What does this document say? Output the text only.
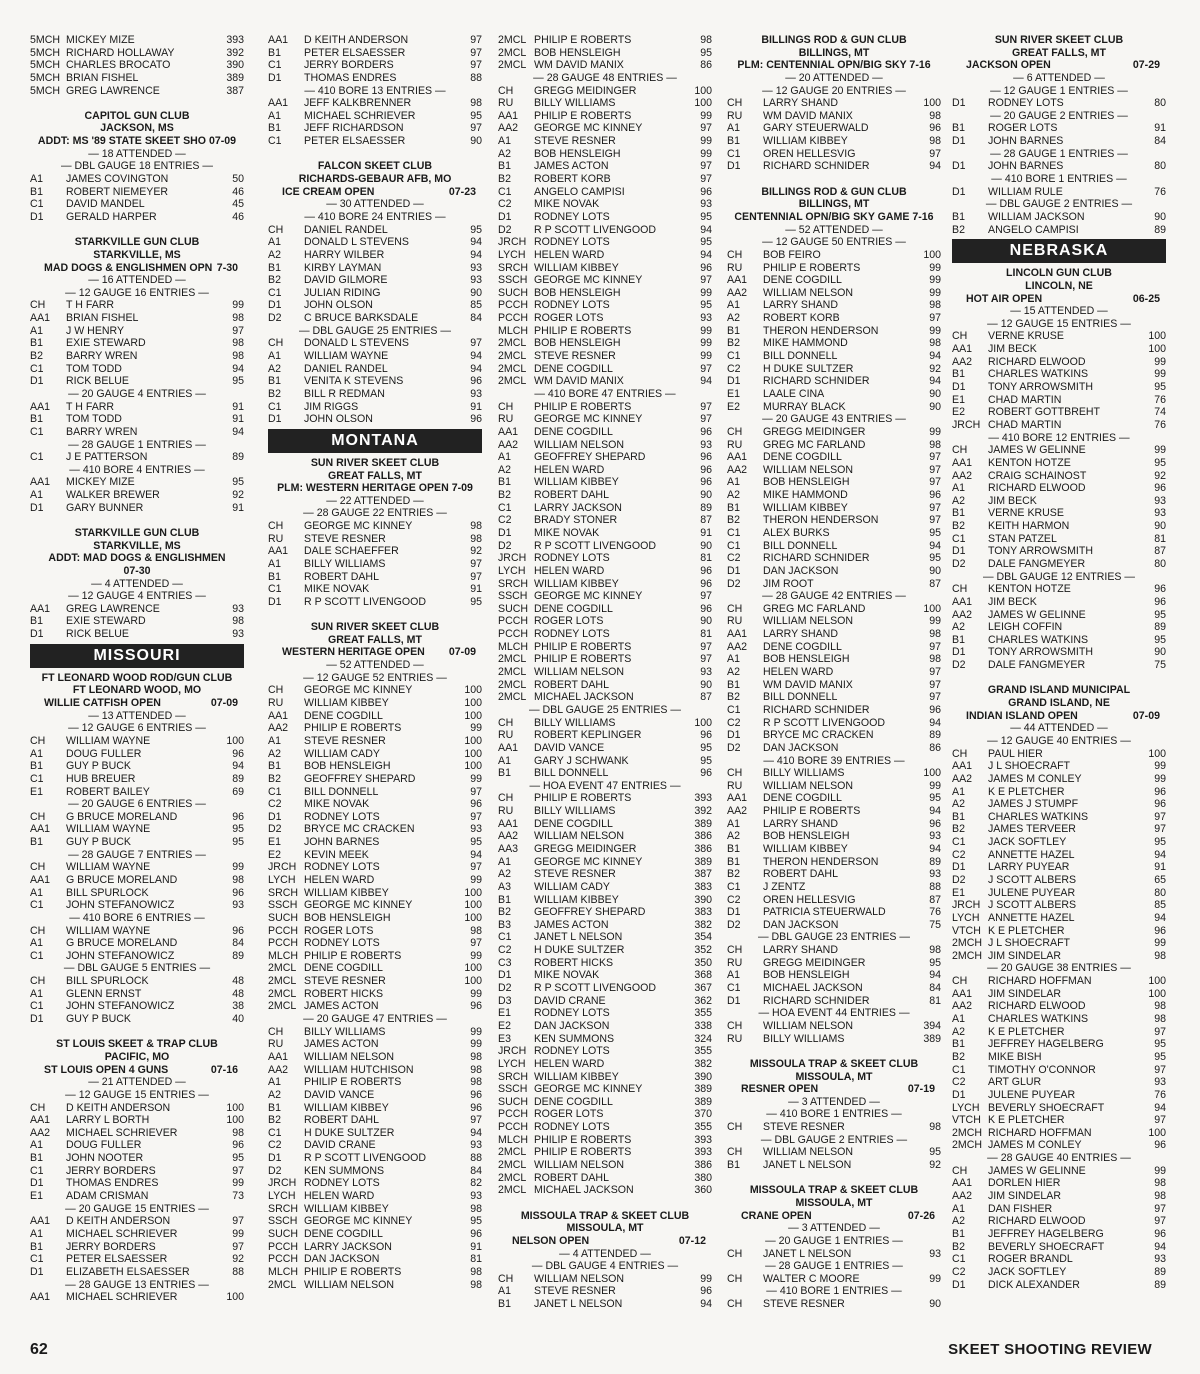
5MCH MICKEY MIZE	393
5MCH RICHARD HOLLAWAY	392
5MCH CHARLES BROCATO	390
5MCH BRIAN FISHEL	389
5MCH GREG LAWRENCE	387
CAPITOL GUN CLUB
JACKSON, MS
ADDT: MS '89 STATE SKEET SHO 07-09
— 18 ATTENDED —
— DBL GAUGE 18 ENTRIES —
A1	JAMES COVINGTON	50
B1	ROBERT NIEMEYER	46
C1	DAVID MANDEL	45
D1	GERALD HARPER	46
STARKVILLE GUN CLUB
STARKVILLE, MS
MAD DOGS & ENGLISHMEN OPN 7-30
— 16 ATTENDED —
— 12 GAUGE 16 ENTRIES —
CH	T H FARR	99
AA1	BRIAN FISHEL	98
A1	J W HENRY	97
B1	EXIE STEWARD	98
B2	BARRY WREN	98
C1	TOM TODD	94
D1	RICK BELUE	95
— 20 GAUGE 4 ENTRIES —
AA1	T H FARR	91
B1	TOM TODD	91
C1	BARRY WREN	94
— 28 GAUGE 1 ENTRIES —
C1	J E PATTERSON	89
— 410 BORE 4 ENTRIES —
AA1	MICKEY MIZE	95
A1	WALKER BREWER	92
D1	GARY BUNNER	91
STARKVILLE GUN CLUB
STARKVILLE, MS
ADDT: MAD DOGS & ENGLISHMEN
07-30
— 4 ATTENDED —
— 12 GAUGE 4 ENTRIES —
AA1	GREG LAWRENCE	93
B1	EXIE STEWARD	98
D1	RICK BELUE	93
MISSOURI
FT LEONARD WOOD ROD/GUN CLUB
FT LEONARD WOOD, MO
WILLIE CATFISH OPEN	07-09
— 13 ATTENDED —
— 12 GAUGE 6 ENTRIES —
CH	WILLIAM WAYNE	100
A1	DOUG FULLER	96
B1	GUY P BUCK	94
C1	HUB BREUER	89
E1	ROBERT BAILEY	69
— 20 GAUGE 6 ENTRIES —
CH	G BRUCE MORELAND	96
AA1	WILLIAM WAYNE	95
B1	GUY P BUCK	95
— 28 GAUGE 7 ENTRIES —
CH	WILLIAM WAYNE	99
AA1	G BRUCE MORELAND	98
A1	BILL SPURLOCK	96
C1	JOHN STEFANOWICZ	93
— 410 BORE 6 ENTRIES —
CH	WILLIAM WAYNE	96
A1	G BRUCE MORELAND	84
C1	JOHN STEFANOWICZ	89
— DBL GAUGE 5 ENTRIES —
CH	BILL SPURLOCK	48
A1	GLENN ERNST	48
C1	JOHN STEFANOWICZ	38
D1	GUY P BUCK	40
ST LOUIS SKEET & TRAP CLUB
PACIFIC, MO
ST LOUIS OPEN 4 GUNS	07-16
— 21 ATTENDED —
— 12 GAUGE 15 ENTRIES —
CH	D KEITH ANDERSON	100
AA1	LARRY L BORTH	100
AA2	MICHAEL SCHRIEVER	98
A1	DOUG FULLER	96
B1	JOHN NOOTER	95
C1	JERRY BORDERS	97
D1	THOMAS ENDRES	99
E1	ADAM CRISMAN	73
— 20 GAUGE 15 ENTRIES —
AA1	D KEITH ANDERSON	97
A1	MICHAEL SCHRIEVER	99
B1	JERRY BORDERS	97
C1	PETER ELSAESSER	92
D1	ELIZABETH ELSAESSER	88
— 28 GAUGE 13 ENTRIES —
AA1	MICHAEL SCHRIEVER	100
AA1	D KEITH ANDERSON	97
B1	PETER ELSAESSER	97
C1	JERRY BORDERS	97
D1	THOMAS ENDRES	88
— 410 BORE 13 ENTRIES —
AA1	JEFF KALKBRENNER	98
A1	MICHAEL SCHRIEVER	95
B1	JEFF RICHARDSON	97
C1	PETER ELSAESSER	90
FALCON SKEET CLUB
RICHARDS-GEBAUR AFB, MO
ICE CREAM OPEN	07-23
— 30 ATTENDED —
— 410 BORE 24 ENTRIES —
CH	DANIEL RANDEL	95
A1	DONALD L STEVENS	94
A2	HARRY WILBER	94
B1	KIRBY LAYMAN	93
B2	DAVID GILMORE	93
C1	JULIAN RIDING	90
D1	JOHN OLSON	85
D2	C BRUCE BARKSDALE	84
— DBL GAUGE 25 ENTRIES —
CH	DONALD L STEVENS	97
A1	WILLIAM WAYNE	94
A2	DANIEL RANDEL	94
B1	VENITA K STEVENS	96
B2	BILL R REDMAN	93
C1	JIM RIGGS	91
D1	JOHN OLSON	96
MONTANA
SUN RIVER SKEET CLUB
GREAT FALLS, MT
PLM: WESTERN HERITAGE OPEN 7-09
— 22 ATTENDED —
— 28 GAUGE 22 ENTRIES —
CH	GEORGE MC KINNEY	98
RU	STEVE RESNER	98
AA1	DALE SCHAEFFER	92
A1	BILLY WILLIAMS	97
B1	ROBERT DAHL	97
C1	MIKE NOVAK	91
D1	R P SCOTT LIVENGOOD	95
SUN RIVER SKEET CLUB
GREAT FALLS, MT
WESTERN HERITAGE OPEN 07-09
— 52 ATTENDED —
— 12 GAUGE 52 ENTRIES —
CH	GEORGE MC KINNEY	100
RU	WILLIAM KIBBEY	100
AA1	DENE COGDILL	100
AA2	PHILIP E ROBERTS	99
A1	STEVE RESNER	100
A2	WILLIAM CADY	100
B1	BOB HENSLEIGH	100
B2	GEOFFREY SHEPARD	99
C1	BILL DONNELL	97
C2	MIKE NOVAK	96
D1	RODNEY LOTS	97
D2	BRYCE MC CRACKEN	93
E1	JOHN BARNES	95
E2	KEVIN MEEK	94
JRCH RODNEY LOTS	97
LYCH HELEN WARD	99
SRCH WILLIAM KIBBEY	100
SSCH GEORGE MC KINNEY	100
SUCH BOB HENSLEIGH	100
PCCH ROGER LOTS	98
PCCH RODNEY LOTS	97
MLCH PHILIP E ROBERTS	99
2MCL DENE COGDILL	100
2MCL STEVE RESNER	100
2MCL ROBERT HICKS	99
2MCL JAMES ACTON	96
— 20 GAUGE 47 ENTRIES —
CH	BILLY WILLIAMS	99
RU	JAMES ACTON	99
AA1	WILLIAM NELSON	98
AA2	WILLIAM HUTCHISON	98
A1	PHILIP E ROBERTS	98
A2	DAVID VANCE	96
B1	WILLIAM KIBBEY	96
B2	ROBERT DAHL	97
C1	H DUKE SULTZER	94
C2	DAVID CRANE	93
D1	R P SCOTT LIVENGOOD	88
D2	KEN SUMMONS	84
JRCH RODNEY LOTS	82
LYCH HELEN WARD	93
SRCH WILLIAM KIBBEY	98
SSCH GEORGE MC KINNEY	95
SUCH DENE COGDILL	96
PCCH LARRY JACKSON	91
PCCH DAN JACKSON	81
MLCH PHILIP E ROBERTS	98
2MCL WILLIAM NELSON	98
2MCL PHILIP E ROBERTS	98
2MCL BOB HENSLEIGH	95
2MCL WM DAVID MANIX	86
— 28 GAUGE 48 ENTRIES —
CH	GREGG MEIDINGER	100
RU	BILLY WILLIAMS	100
AA1	PHILIP E ROBERTS	99
AA2	GEORGE MC KINNEY	97
A1	STEVE RESNER	99
A2	BOB HENSLEIGH	99
B1	JAMES ACTON	97
B2	ROBERT KORB	97
C1	ANGELO CAMPISI	96
C2	MIKE NOVAK	93
D1	RODNEY LOTS	95
D2	R P SCOTT LIVENGOOD	94
JRCH RODNEY LOTS	95
LYCH HELEN WARD	94
SRCH WILLIAM KIBBEY	96
SSCH GEORGE MC KINNEY	97
SUCH BOB HENSLEIGH	99
PCCH RODNEY LOTS	95
PCCH ROGER LOTS	93
MLCH PHILIP E ROBERTS	99
2MCL BOB HENSLEIGH	99
2MCL STEVE RESNER	99
2MCL DENE COGDILL	97
2MCL WM DAVID MANIX	94
— 410 BORE 47 ENTRIES —
CH	PHILIP E ROBERTS	97
RU	GEORGE MC KINNEY	97
AA1	DENE COGDILL	96
AA2	WILLIAM NELSON	93
A1	GEOFFREY SHEPARD	96
A2	HELEN WARD	96
B1	WILLIAM KIBBEY	96
B2	ROBERT DAHL	90
C1	LARRY JACKSON	89
C2	BRADY STONER	87
D1	MIKE NOVAK	91
D2	R P SCOTT LIVENGOOD	90
JRCH RODNEY LOTS	81
LYCH HELEN WARD	96
SRCH WILLIAM KIBBEY	96
SSCH GEORGE MC KINNEY	97
SUCH DENE COGDILL	96
PCCH ROGER LOTS	90
PCCH RODNEY LOTS	81
MLCH PHILIP E ROBERTS	97
2MCL PHILIP E ROBERTS	97
2MCL WILLIAM NELSON	93
2MCL ROBERT DAHL	90
2MCL MICHAEL JACKSON	87
— DBL GAUGE 25 ENTRIES —
CH	BILLY WILLIAMS	100
RU	ROBERT KEPLINGER	96
AA1	DAVID VANCE	95
A1	GARY J SCHWANK	95
B1	BILL DONNELL	96
— HOA EVENT 47 ENTRIES —
CH	PHILIP E ROBERTS	393
RU	BILLY WILLIAMS	392
AA1	DENE COGDILL	389
AA2	WILLIAM NELSON	386
AA3	GREGG MEIDINGER	386
A1	GEORGE MC KINNEY	389
A2	STEVE RESNER	387
A3	WILLIAM CADY	383
B1	WILLIAM KIBBEY	390
B2	GEOFFREY SHEPARD	383
B3	JAMES ACTON	382
C1	JANET L NELSON	354
C2	H DUKE SULTZER	352
C3	ROBERT HICKS	350
D1	MIKE NOVAK	368
D2	R P SCOTT LIVENGOOD	367
D3	DAVID CRANE	362
E1	RODNEY LOTS	355
E2	DAN JACKSON	338
E3	KEN SUMMONS	324
JRCH RODNEY LOTS	355
LYCH HELEN WARD	382
SRCH WILLIAM KIBBEY	390
SSCH GEORGE MC KINNEY	389
SUCH DENE COGDILL	389
PCCH ROGER LOTS	370
PCCH RODNEY LOTS	355
MLCH PHILIP E ROBERTS	393
2MCL PHILIP E ROBERTS	393
2MCL WILLIAM NELSON	386
2MCL ROBERT DAHL	380
2MCL MICHAEL JACKSON	360
MISSOULA TRAP & SKEET CLUB
MISSOULA, MT
NELSON OPEN	07-12
— 4 ATTENDED —
— DBL GAUGE 4 ENTRIES —
CH	WILLIAM NELSON	99
A1	STEVE RESNER	96
B1	JANET L NELSON	94
BILLINGS ROD & GUN CLUB
BILLINGS, MT
PLM: CENTENNIAL OPN/BIG SKY 7-16
— 20 ATTENDED —
— 12 GAUGE 20 ENTRIES —
CH	LARRY SHAND	100
RU	WM DAVID MANIX	98
A1	GARY STEUERWALD	96
B1	WILLIAM KIBBEY	98
C1	OREN HELLESVIG	97
D1	RICHARD SCHNIDER	94
BILLINGS ROD & GUN CLUB
BILLINGS, MT
CENTENNIAL OPN/BIG SKY GAME 7-16
— 52 ATTENDED —
— 12 GAUGE 50 ENTRIES —
CH	BOB FEIRO	100
RU	PHILIP E ROBERTS	99
AA1	DENE COGDILL	99
AA2	WILLIAM NELSON	99
A1	LARRY SHAND	98
A2	ROBERT KORB	97
B1	THERON HENDERSON	99
B2	MIKE HAMMOND	98
C1	BILL DONNELL	94
C2	H DUKE SULTZER	92
D1	RICHARD SCHNIDER	94
E1	LAALE CINA	90
E2	MURRAY BLACK	90
— 20 GAUGE 43 ENTRIES —
CH	GREGG MEIDINGER	99
RU	GREG MC FARLAND	98
AA1	DENE COGDILL	97
AA2	WILLIAM NELSON	97
A1	BOB HENSLEIGH	97
A2	MIKE HAMMOND	96
B1	WILLIAM KIBBEY	97
B2	THERON HENDERSON	97
C1	ALEX BURKS	95
C1	BILL DONNELL	94
C2	RICHARD SCHNIDER	95
D1	DAN JACKSON	90
D2	JIM ROOT	87
— 28 GAUGE 42 ENTRIES —
CH	GREG MC FARLAND	100
RU	WILLIAM NELSON	99
AA1	LARRY SHAND	98
AA2	DENE COGDILL	97
A1	BOB HENSLEIGH	98
A2	HELEN WARD	97
B1	WM DAVID MANIX	97
B2	BILL DONNELL	97
C1	RICHARD SCHNIDER	96
C2	R P SCOTT LIVENGOOD	94
D1	BRYCE MC CRACKEN	89
D2	DAN JACKSON	86
— 410 BORE 39 ENTRIES —
CH	BILLY WILLIAMS	100
RU	WILLIAM NELSON	99
AA1	DENE COGDILL	95
AA2	PHILIP E ROBERTS	94
A1	LARRY SHAND	96
A2	BOB HENSLEIGH	93
B1	WILLIAM KIBBEY	94
B1	THERON HENDERSON	89
B2	ROBERT DAHL	93
C1	J ZENTZ	88
C2	OREN HELLESVIG	87
D1	PATRICIA STEUERWALD	76
D2	DAN JACKSON	75
— DBL GAUGE 23 ENTRIES —
CH	LARRY SHAND	98
RU	GREGG MEIDINGER	95
A1	BOB HENSLEIGH	94
C1	MICHAEL JACKSON	84
D1	RICHARD SCHNIDER	81
— HOA EVENT 44 ENTRIES —
CH	WILLIAM NELSON	394
RU	BILLY WILLIAMS	389
MISSOULA TRAP & SKEET CLUB
MISSOULA, MT
RESNER OPEN	07-19
— 3 ATTENDED —
— 410 BORE 1 ENTRIES —
CH	STEVE RESNER	98
— DBL GAUGE 2 ENTRIES —
CH	WILLIAM NELSON	95
B1	JANET L NELSON	92
MISSOULA TRAP & SKEET CLUB
MISSOULA, MT
CRANE OPEN	07-26
— 3 ATTENDED —
— 20 GAUGE 1 ENTRIES —
CH	JANET L NELSON	93
— 28 GAUGE 1 ENTRIES —
CH	WALTER C MOORE	99
— 410 BORE 1 ENTRIES —
CH	STEVE RESNER	90
SUN RIVER SKEET CLUB
GREAT FALLS, MT
JACKSON OPEN	07-29
— 6 ATTENDED —
— 12 GAUGE 1 ENTRIES —
D1	RODNEY LOTS	80
— 20 GAUGE 2 ENTRIES —
B1	ROGER LOTS	91
D1	JOHN BARNES	84
— 28 GAUGE 1 ENTRIES —
D1	JOHN BARNES	80
— 410 BORE 1 ENTRIES —
D1	WILLIAM RULE	76
— DBL GAUGE 2 ENTRIES —
B1	WILLIAM JACKSON	90
B2	ANGELO CAMPISI	89
NEBRASKA
LINCOLN GUN CLUB
LINCOLN, NE
HOT AIR OPEN	06-25
— 15 ATTENDED —
— 12 GAUGE 15 ENTRIES —
CH	VERNE KRUSE	100
AA1	JIM BECK	100
AA2	RICHARD ELWOOD	99
B1	CHARLES WATKINS	99
D1	TONY ARROWSMITH	95
E1	CHAD MARTIN	76
E2	ROBERT GOTTBREHT	74
JRCH CHAD MARTIN	76
— 410 BORE 12 ENTRIES —
CH	JAMES W GELINNE	99
AA1	KENTON HOTZE	95
AA2	CRAIG SCHAINOST	92
A1	RICHARD ELWOOD	96
A2	JIM BECK	93
B1	VERNE KRUSE	93
B2	KEITH HARMON	90
C1	STAN PATZEL	81
D1	TONY ARROWSMITH	87
D2	DALE FANGMEYER	80
— DBL GAUGE 12 ENTRIES —
CH	KENTON HOTZE	96
AA1	JIM BECK	96
AA2	JAMES W GELINNE	95
A2	LEIGH COFFIN	89
B1	CHARLES WATKINS	95
D1	TONY ARROWSMITH	90
D2	DALE FANGMEYER	75
GRAND ISLAND MUNICIPAL
GRAND ISLAND, NE
INDIAN ISLAND OPEN	07-09
— 44 ATTENDED —
— 12 GAUGE 40 ENTRIES —
CH	PAUL HIER	100
AA1	J L SHOECRAFT	99
AA2	JAMES M CONLEY	99
A1	K E PLETCHER	96
A2	JAMES J STUMPF	96
B1	CHARLES WATKINS	97
B2	JAMES TERVEER	97
C1	JACK SOFTLEY	95
C2	ANNETTE HAZEL	94
D1	LARRY PUYEAR	91
D2	J SCOTT ALBERS	65
E1	JULENE PUYEAR	80
JRCH J SCOTT ALBERS	85
LYCH ANNETTE HAZEL	94
VTCH K E PLETCHER	96
2MCH J L SHOECRAFT	99
2MCH JIM SINDELAR	98
— 20 GAUGE 38 ENTRIES —
CH	RICHARD HOFFMAN	100
AA1	JIM SINDELAR	100
AA2	RICHARD ELWOOD	98
A1	CHARLES WATKINS	98
A2	K E PLETCHER	97
B1	JEFFREY HAGELBERG	95
B2	MIKE BISH	95
C1	TIMOTHY O'CONNOR	97
C2	ART GLUR	93
D1	JULENE PUYEAR	76
LYCH BEVERLY SHOECRAFT	94
VTCH K E PLETCHER	97
2MCH RICHARD HOFFMAN	100
2MCH JAMES M CONLEY	96
— 28 GAUGE 40 ENTRIES —
CH	JAMES W GELINNE	99
AA1	DORLEN HIER	98
AA2	JIM SINDELAR	98
A1	DAN FISHER	97
A2	RICHARD ELWOOD	97
B1	JEFFREY HAGELBERG	96
B2	BEVERLY SHOECRAFT	94
C1	ROGER BRANDL	93
C2	JACK SOFTLEY	89
D1	DICK ALEXANDER	89
62	SKEET SHOOTING REVIEW
